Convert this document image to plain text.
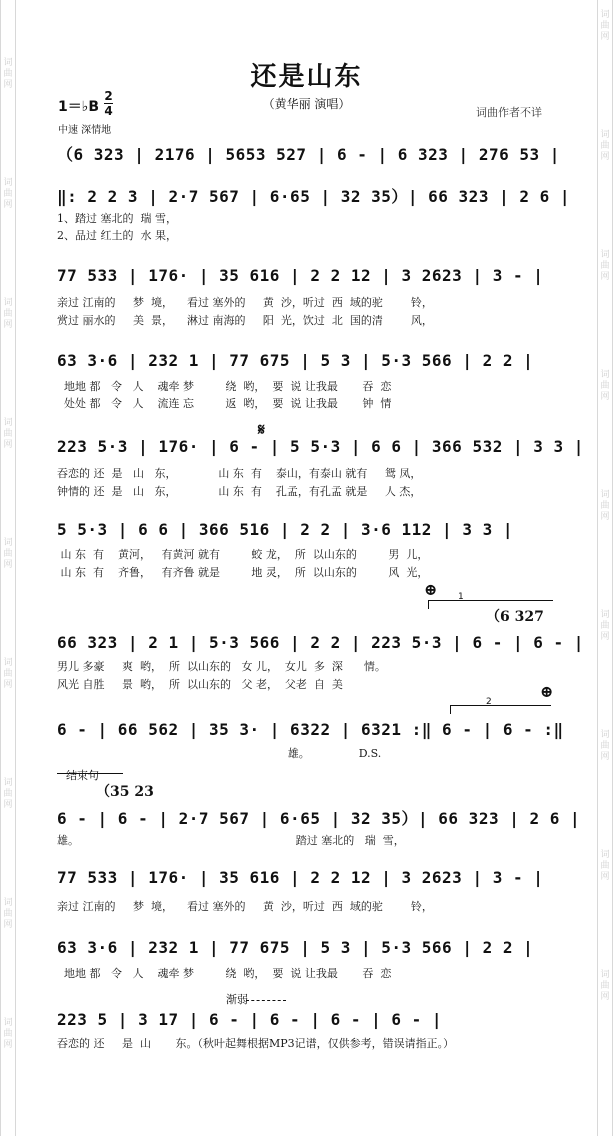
词
曲
网
词
曲
网
词
曲
网
词
曲
网
词
曲
网
词
曲
网
词
曲
网
词
曲
网
词
曲
网
词
曲
网
词
曲
网
词
曲
网
词
曲
网
词
曲
网
词
曲
网
词
曲
网
词
曲
网
词
曲
网
还是山东
（黄华丽 演唱）
1＝♭B
2
4
中速 深情地
词曲作者不详
（6 323 | 2176 | 5653 527 | 6 - | 6 323 | 276 53 |
‖: 2 2 3 | 2·7 567 | 6·65 | 32 35）| 66 323 | 2 6 |
1、踏过 塞北的  瑞 雪，
2、品过 红土的  水 果，
77 533 | 176· | 35 616 | 2 2 12 | 3 2623 | 3 - |
亲过 江南的     梦  境，    看过 塞外的     黄  沙，听过  西  域的驼        铃，
赏过 丽水的     美  景，    淋过 南海的     阳  光，饮过  北  国的清        风，
63 3·6 | 232 1 | 77 675 | 5 3 | 5·3 566 | 2 2 |
地地 都   令   人    魂牵 梦         绕  哟，  要  说 让我最       吞  恋
处处 都   令   人    流连 忘         返  哟，  要  说 让我最       钟  情
𝄋
223 5·3 | 176· | 6 - | 5 5·3 | 6 6 | 366 532 | 3 3 |
吞恋的 还  是   山   东，            山 东  有    泰山，有泰山 就有     鸳 凤，
钟情的 还  是   山   东，            山 东  有    孔孟，有孔孟 就是     人 杰，
5 5·3 | 6 6 | 366 516 | 2 2 | 3·6 112 | 3 3 |
山 东  有    黄河，   有黄河 就有         蛟 龙，  所  以山东的         男  儿，
山 东  有    齐鲁，   有齐鲁 就是         地 灵，  所  以山东的         风  光，
⊕ 1
（6 327
66 323 | 2 1 | 5·3 566 | 2 2 | 223 5·3 | 6 - | 6 - |
男儿 多豪     爽  哟，  所  以山东的   女 儿，  女儿  多  深      情。
风光 自胜     景  哟，  所  以山东的   父 老，  父老  自  美	⊕
2
6 - | 66 562 | 35 3· | 6322 | 6321 :‖ 6 - | 6 - :‖
雄。              D.S.
结束句
（35 23
6 - | 6 - | 2·7 567 | 6·65 | 32 35）| 66 323 | 2 6 |
雄。                                                              踏过 塞北的   瑞  雪，
77 533 | 176· | 35 616 | 2 2 12 | 3 2623 | 3 - |
亲过 江南的     梦  境，    看过 塞外的     黄  沙，听过  西  域的驼        铃，
63 3·6 | 232 1 | 77 675 | 5 3 | 5·3 566 | 2 2 |
地地 都   令   人    魂牵 梦         绕  哟，  要  说 让我最       吞  恋
渐弱
223 5 | 3 17 | 6 - | 6 - | 6 - | 6 - |
吞恋的 还     是  山       东。（秋叶起舞根据MP3记谱，仅供参考，错误请指正。）
